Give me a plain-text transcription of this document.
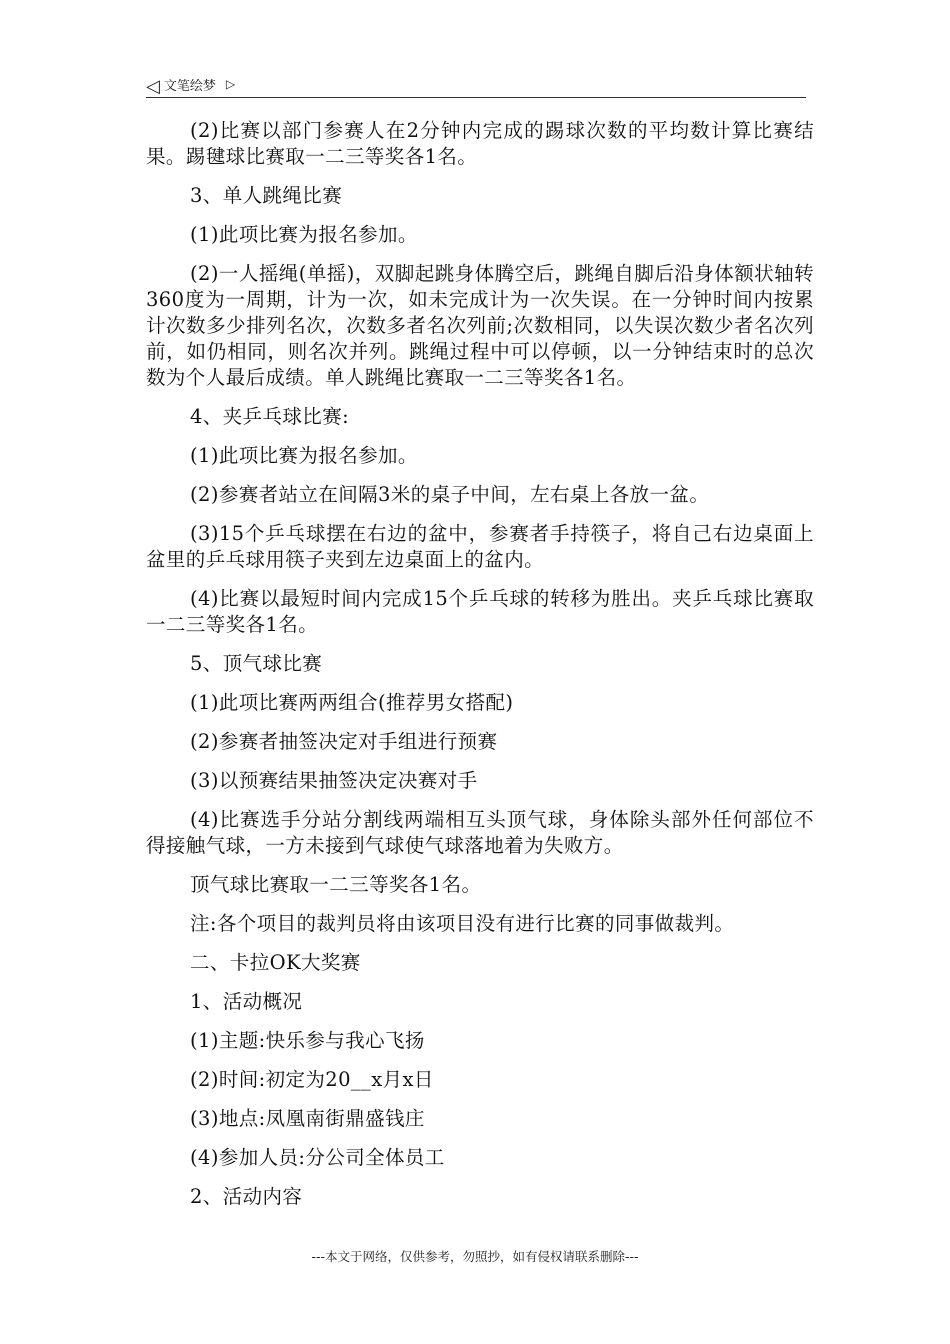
◁ 文笔绘梦 ▷

(2)比赛以部门参赛人在2分钟内完成的踢球次数的平均数计算比赛结果。踢毽球比赛取一二三等奖各1名。

3、单人跳绳比赛

(1)此项比赛为报名参加。

(2)一人摇绳(单摇)，双脚起跳身体腾空后，跳绳自脚后沿身体额状轴转360度为一周期，计为一次，如未完成计为一次失误。在一分钟时间内按累计次数多少排列名次，次数多者名次列前;次数相同，以失误次数少者名次列前，如仍相同，则名次并列。跳绳过程中可以停顿，以一分钟结束时的总次数为个人最后成绩。单人跳绳比赛取一二三等奖各1名。

4、夹乒乓球比赛:

(1)此项比赛为报名参加。

(2)参赛者站立在间隔3米的桌子中间，左右桌上各放一盆。

(3)15个乒乓球摆在右边的盆中，参赛者手持筷子，将自己右边桌面上盆里的乒乓球用筷子夹到左边桌面上的盆内。

(4)比赛以最短时间内完成15个乒乓球的转移为胜出。夹乒乓球比赛取一二三等奖各1名。

5、顶气球比赛

(1)此项比赛两两组合(推荐男女搭配)

(2)参赛者抽签决定对手组进行预赛

(3)以预赛结果抽签决定决赛对手

(4)比赛选手分站分割线两端相互头顶气球，身体除头部外任何部位不得接触气球，一方未接到气球使气球落地着为失败方。

顶气球比赛取一二三等奖各1名。

注:各个项目的裁判员将由该项目没有进行比赛的同事做裁判。

二、卡拉OK大奖赛

1、活动概况

(1)主题:快乐参与我心飞扬

(2)时间:初定为20__x月x日

(3)地点:凤凰南街鼎盛钱庄

(4)参加人员:分公司全体员工

2、活动内容

---本文于网络，仅供参考，勿照抄，如有侵权请联系删除---
